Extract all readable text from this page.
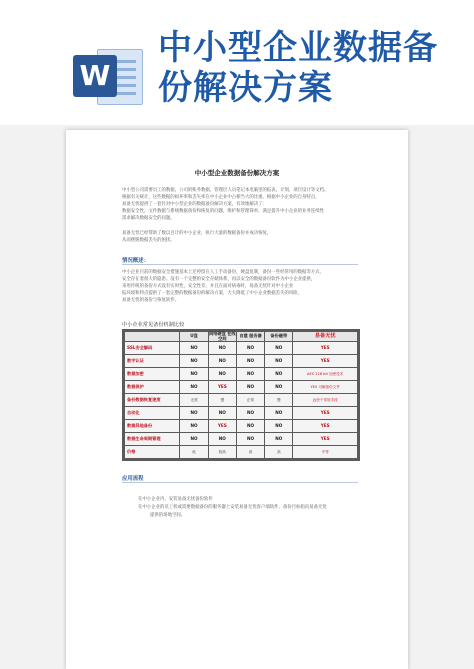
W
中小型企业数据备份解决方案
中小型企业数据备份解决方案
中小型公司需要员工的数据，公司的账务数据，管理层人员笔记本电脑里的报表，计划，项目设计等文档。
根据有关统计，这些数据的损坏率和丢失率在中小企业中占相当大的比重。根据中小企业的自身特点，
易备无忧提供了一套针对中小型企业的数据备份解决方案，有效地解决了：
数据安全性，文件数据与系统数据备份和恢复的问题，维护和管理简单，满足提升中小企业的业务连续性
需求解决数据安全的问题。
易备无忧已经帮助了数以百计的中小企业，执行大量的数据备份并成功恢复，
从而摆脱数据丢失的困扰。
情况概述：
中小企业目前的数据安全措施基本上还停留在人工手动备份，硬盘复制，备份一些经常用的数据等方式，
安全存在着很大的隐患。没有一个完整的安全存储体系，再以安全的数据备份软件为中小企业提供，
采用传统的备份方式没有实时性，安全性差，并且在面对病毒时，易备无忧针对中小企业
报环境和特点提供了一套完整的数据备份的解决方案，大大降低了中小企业数据丢失的风险，
易备无忧的备份与恢复软件。
中小企业常见备份机制比较
	U盘	网络硬盘 在线空间	自建 服务器	备份磁带	易备无忧
SSL安全解码	NO	NO	NO	NO	YES
数字认证	NO	NO	NO	NO	YES
数据加密	NO	NO	NO	NO	AES 128 bit 加密技术
数据保护	NO	YES	NO	NO	YES 可解备份文件
备份数据恢复速度	无需	慢	正常	慢	远快于常规手段
自动化	NO	NO	NO	NO	YES
数据异地备份	NO	YES	NO	NO	YES
数据生命周期管理	NO	NO	NO	NO	YES
价格	低	较高	高	高	中等
应用流程
在中小企业内，安装易备无忧备份软件
在中小企业的员工机或需要数据备份的服务器上安装易备无忧客户端软件，备份目标指向易备无忧
提供的场地空间。
